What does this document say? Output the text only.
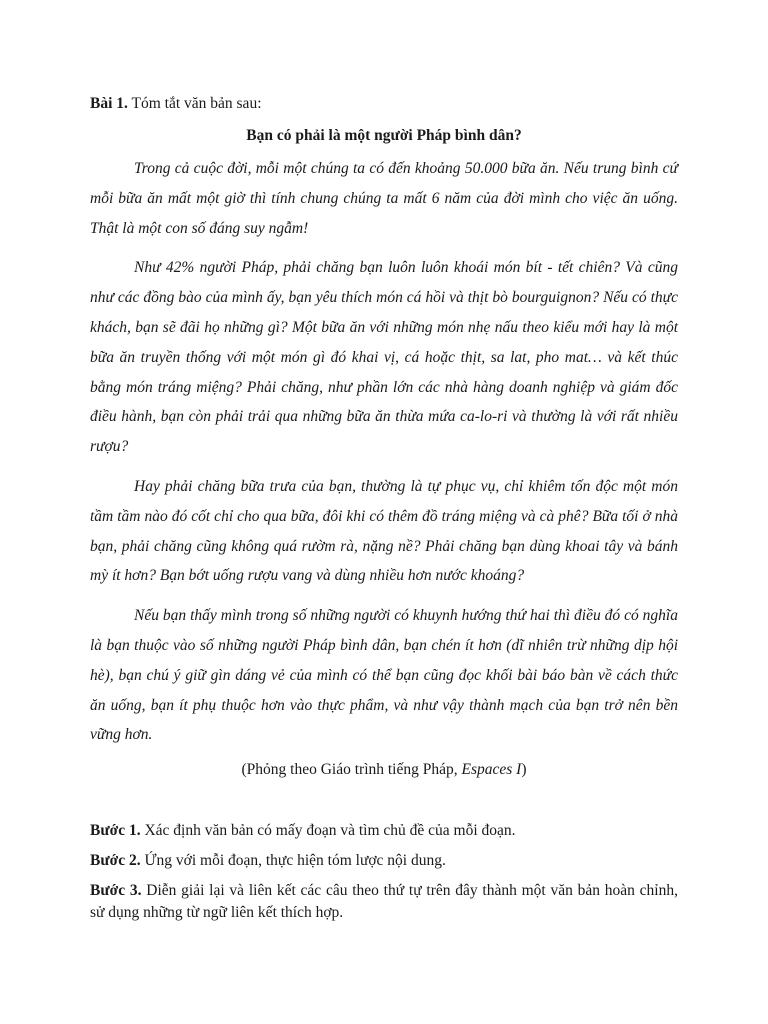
Bài 1. Tóm tắt văn bản sau:

Bạn có phải là một người Pháp bình dân?

Trong cả cuộc đời, mỗi một chúng ta có đến khoảng 50.000 bữa ăn. Nếu trung bình cứ mỗi bữa ăn mất một giờ thì tính chung chúng ta mất 6 năm của đời mình cho việc ăn uống. Thật là một con số đáng suy ngẫm!

Như 42% người Pháp, phải chăng bạn luôn luôn khoái món bít - tết chiên? Và cũng như các đồng bào của mình ấy, bạn yêu thích món cá hồi và thịt bò bourguignon? Nếu có thực khách, bạn sẽ đãi họ những gì? Một bữa ăn với những món nhẹ nấu theo kiểu mới hay là một bữa ăn truyền thống với một món gì đó khai vị, cá hoặc thịt, sa lat, pho mat… và kết thúc bằng món tráng miệng? Phải chăng, như phần lớn các nhà hàng doanh nghiệp và giám đốc điều hành, bạn còn phải trải qua những bữa ăn thừa mứa ca-lo-ri và thường là với rất nhiều rượu?

Hay phải chăng bữa trưa của bạn, thường là tự phục vụ, chỉ khiêm tốn độc một món tầm tầm nào đó cốt chỉ cho qua bữa, đôi khi có thêm đồ tráng miệng và cà phê? Bữa tối ở nhà bạn, phải chăng cũng không quá rườm rà, nặng nề? Phải chăng bạn dùng khoai tây và bánh mỳ ít hơn? Bạn bớt uống rượu vang và dùng nhiều hơn nước khoáng?

Nếu bạn thấy mình trong số những người có khuynh hướng thứ hai thì điều đó có nghĩa là bạn thuộc vào số những người Pháp bình dân, bạn chén ít hơn (dĩ nhiên trừ những dịp hội hè), bạn chú ý giữ gìn dáng vẻ của mình có thể bạn cũng đọc khối bài báo bàn về cách thức ăn uống, bạn ít phụ thuộc hơn vào thực phẩm, và như vậy thành mạch của bạn trở nên bền vững hơn.

(Phỏng theo Giáo trình tiếng Pháp, Espaces I)

Bước 1. Xác định văn bản có mấy đoạn và tìm chủ đề của mỗi đoạn.

Bước 2. Ứng với mỗi đoạn, thực hiện tóm lược nội dung.

Bước 3. Diễn giải lại và liên kết các câu theo thứ tự trên đây thành một văn bản hoàn chỉnh, sử dụng những từ ngữ liên kết thích hợp.
